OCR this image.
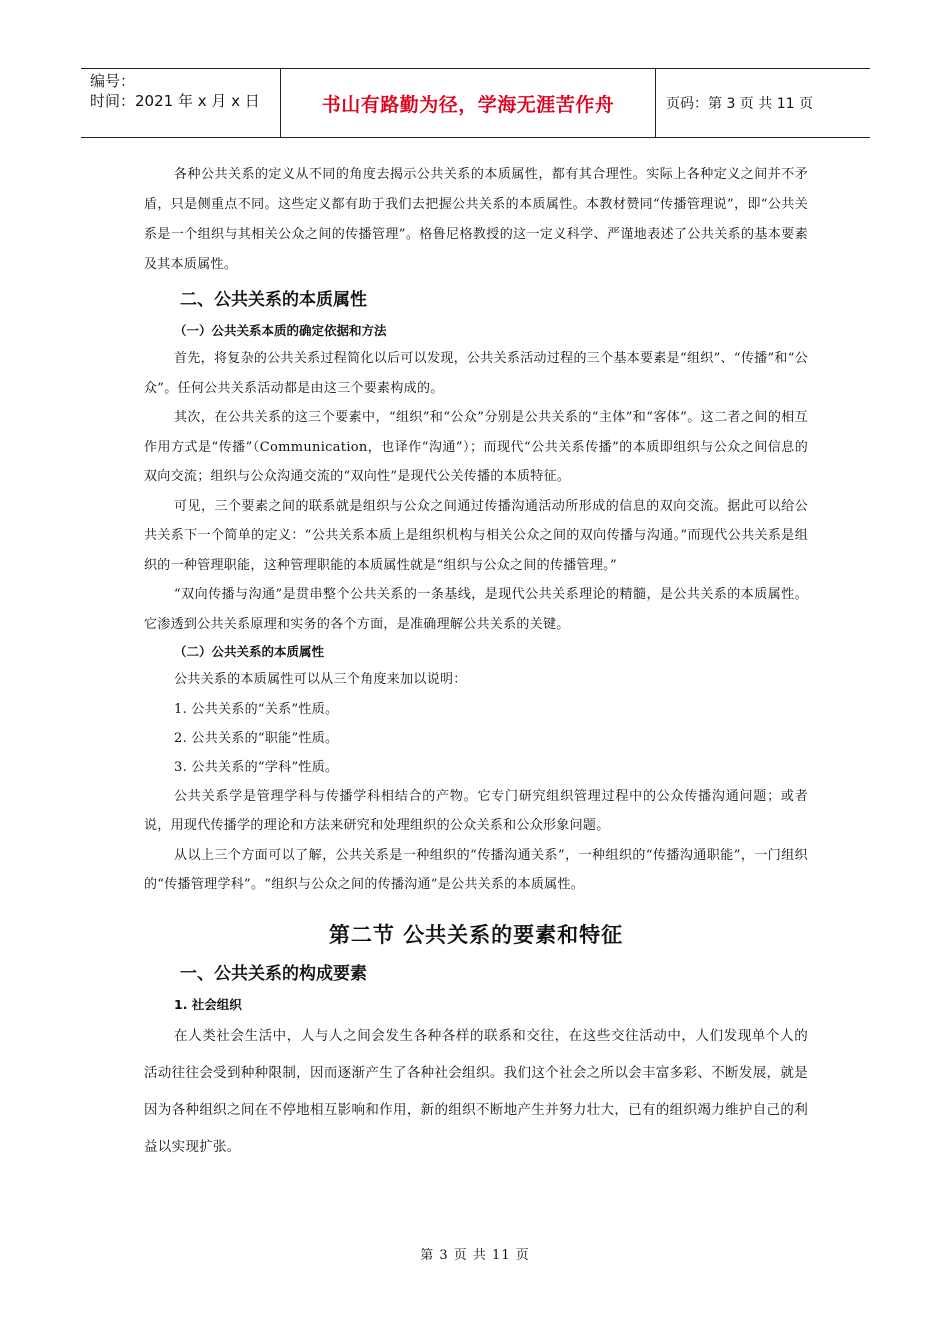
编号：
时间：2021 年 x 月 x 日	书山有路勤为径，学海无涯苦作舟	页码：第 3 页 共 11 页

各种公共关系的定义从不同的角度去揭示公共关系的本质属性，都有其合理性。实际上各种定义之间并不矛盾，只是侧重点不同。这些定义都有助于我们去把握公共关系的本质属性。本教材赞同“传播管理说”，即“公共关系是一个组织与其相关公众之间的传播管理”。格鲁尼格教授的这一定义科学、严谨地表述了公共关系的基本要素及其本质属性。

二、公共关系的本质属性
（一）公共关系本质的确定依据和方法

首先，将复杂的公共关系过程简化以后可以发现，公共关系活动过程的三个基本要素是“组织”、“传播”和“公众”。任何公共关系活动都是由这三个要素构成的。

其次，在公共关系的这三个要素中，“组织”和“公众”分别是公共关系的“主体”和“客体”。这二者之间的相互作用方式是“传播”（Communication，也译作“沟通”）；而现代“公共关系传播”的本质即组织与公众之间信息的双向交流；组织与公众沟通交流的“双向性”是现代公关传播的本质特征。

可见，三个要素之间的联系就是组织与公众之间通过传播沟通活动所形成的信息的双向交流。据此可以给公共关系下一个简单的定义：“公共关系本质上是组织机构与相关公众之间的双向传播与沟通。”而现代公共关系是组织的一种管理职能，这种管理职能的本质属性就是“组织与公众之间的传播管理。”

“双向传播与沟通”是贯串整个公共关系的一条基线，是现代公共关系理论的精髓，是公共关系的本质属性。它渗透到公共关系原理和实务的各个方面，是准确理解公共关系的关键。

（二）公共关系的本质属性

公共关系的本质属性可以从三个角度来加以说明：

1. 公共关系的“关系”性质。
2. 公共关系的“职能”性质。
3. 公共关系的“学科”性质。

公共关系学是管理学科与传播学科相结合的产物。它专门研究组织管理过程中的公众传播沟通问题；或者说，用现代传播学的理论和方法来研究和处理组织的公众关系和公众形象问题。

从以上三个方面可以了解，公共关系是一种组织的“传播沟通关系”，一种组织的“传播沟通职能”，一门组织的“传播管理学科”。“组织与公众之间的传播沟通”是公共关系的本质属性。

第二节 公共关系的要素和特征
一、公共关系的构成要素
1. 社会组织

在人类社会生活中，人与人之间会发生各种各样的联系和交往，在这些交往活动中，人们发现单个人的活动往往会受到种种限制，因而逐渐产生了各种社会组织。我们这个社会之所以会丰富多彩、不断发展，就是因为各种组织之间在不停地相互影响和作用，新的组织不断地产生并努力壮大，已有的组织竭力维护自己的利益以实现扩张。

第 3 页 共 11 页
